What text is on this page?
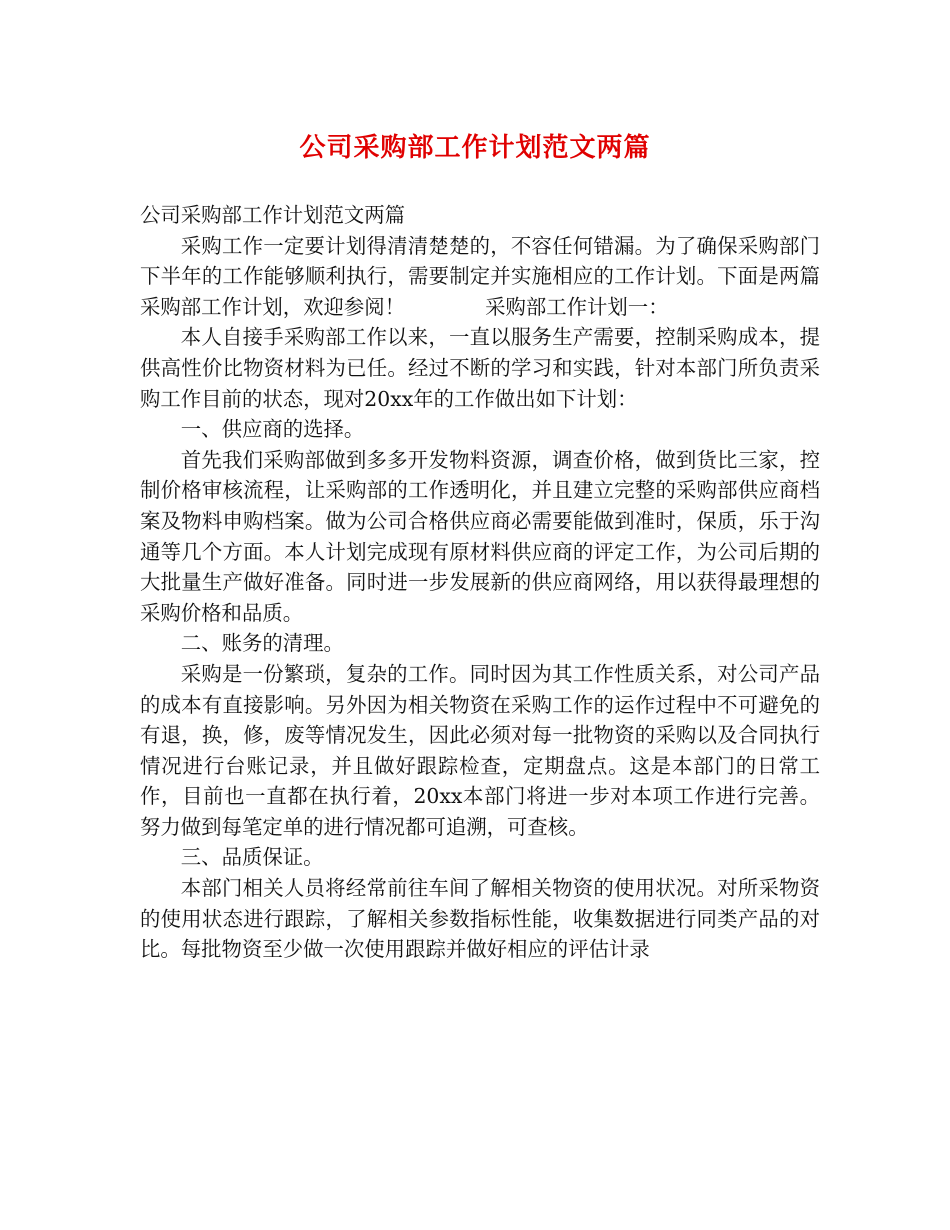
公司采购部工作计划范文两篇

公司采购部工作计划范文两篇

采购工作一定要计划得清清楚楚的，不容任何错漏。为了确保采购部门下半年的工作能够顺利执行，需要制定并实施相应的工作计划。下面是两篇采购部工作计划，欢迎参阅！	采购部工作计划一：

本人自接手采购部工作以来，一直以服务生产需要，控制采购成本，提供高性价比物资材料为已任。经过不断的学习和实践，针对本部门所负责采购工作目前的状态，现对20xx年的工作做出如下计划：

一、供应商的选择。

首先我们采购部做到多多开发物料资源，调查价格，做到货比三家，控制价格审核流程，让采购部的工作透明化，并且建立完整的采购部供应商档案及物料申购档案。做为公司合格供应商必需要能做到准时，保质，乐于沟通等几个方面。本人计划完成现有原材料供应商的评定工作，为公司后期的大批量生产做好准备。同时进一步发展新的供应商网络，用以获得最理想的采购价格和品质。

二、账务的清理。

采购是一份繁琐，复杂的工作。同时因为其工作性质关系，对公司产品的成本有直接影响。另外因为相关物资在采购工作的运作过程中不可避免的有退，换，修，废等情况发生，因此必须对每一批物资的采购以及合同执行情况进行台账记录，并且做好跟踪检查，定期盘点。这是本部门的日常工作，目前也一直都在执行着，20xx本部门将进一步对本项工作进行完善。努力做到每笔定单的进行情况都可追溯，可查核。

三、品质保证。

本部门相关人员将经常前往车间了解相关物资的使用状况。对所采物资的使用状态进行跟踪，了解相关参数指标性能，收集数据进行同类产品的对比。每批物资至少做一次使用跟踪并做好相应的评估计录
